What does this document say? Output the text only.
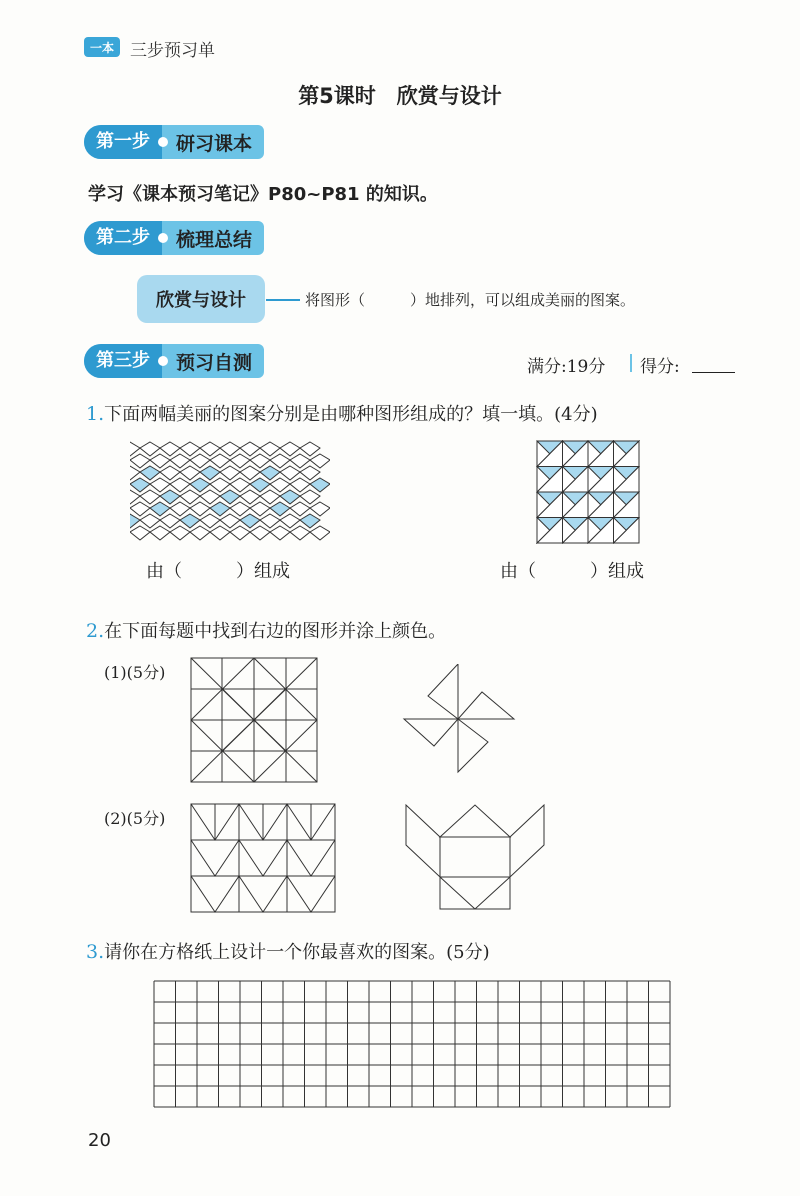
一本 三步预习单
第5课时　欣赏与设计
第一步	研习课本
学习《课本预习笔记》P80~P81 的知识。
第二步	梳理总结
欣赏与设计	将图形（　　　）地排列，可以组成美丽的图案。
第三步	预习自测	满分:19分 得分:
1.下面两幅美丽的图案分别是由哪种图形组成的？填一填。(4分)
由（　　　）组成	由（　　　）组成
2.在下面每题中找到右边的图形并涂上颜色。
(1)(5分)
(2)(5分)
3.请你在方格纸上设计一个你最喜欢的图案。(5分)
20
